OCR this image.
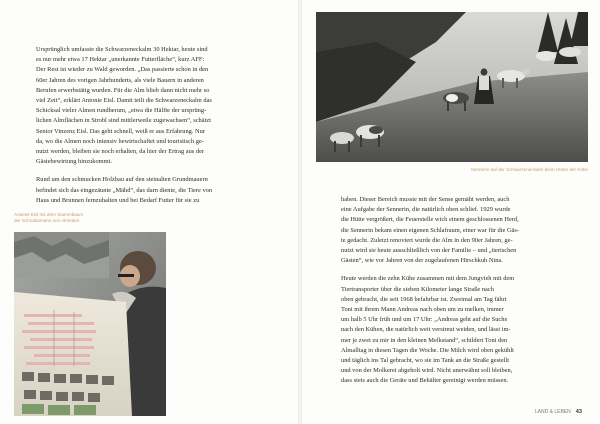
Ursprünglich umfasste die Schwarzeneckalm 30 Hektar, heute sind
es nur mehr etwa 17 Hektar „unerkannte Futterfläche“, kurz AFF:
Der Rest ist wieder zu Wald geworden. „Das passierte schon in den
60er Jahren des vorigen Jahrhunderts, als viele Bauern in anderen
Berufen erwerbstätig wurden. Für die Alm blieb dann nicht mehr so
viel Zeit“, erklärt Antonie Eisl. Damit teilt die Schwarzeneckalm das
Schicksal vieler Almen rundherum, „etwa die Hälfte der ursprüng-
lichen Almflächen in Strobl sind mittlerweile zugewachsen“, schätzt
Senior Vinzenz Eisl. Das geht schnell, weiß er aus Erfahrung. Nur
da, wo die Almen noch intensiv bewirtschaftet und touristisch ge-
nutzt werden, bleiben sie noch erhalten, da hier der Ertrag aus der
Gästebewirtung hinzukommt.

Rund um den schmucken Holzbau auf den steinalten Grundmauern
befindet sich das eingezäunte „Mähd“, das darn diente, die Tiere von
Haus und Brunnen fernzuhalten und bei Bedarf Futter für sie zu

Antonie Eisl mit dem Stammbaum
der Schnabnmann von Almeden

Sennerin auf der Schwarzeneckalm beim Hüten der Kühe

haben. Dieser Bereich musste mit der Sense gemäht werden, auch
eine Aufgabe der Sennerin, die natürlich oben schlief. 1929 wurde
die Hütte vergrößert, die Feuerstelle wich einem geschlossenen Herd,
die Sennerin bekam einen eigenen Schlafraum, einer war für die Gäs-
te gedacht. Zuletzt renoviert wurde die Alm in den 90er Jahren, ge-
nutzt wird sie heute ausschließlich von der Familie – und „tierischen
Gästen“, wie vor Jahren von der zugelaufenen Hirschkuh Nina.

Heute werden die zehn Kühe zusammen mit dem Jungvieh mit dem
Tiertransporter über die sieben Kilometer lange Straße nach
oben gebracht, die seit 1968 befahrbar ist. Zweimal am Tag fährt
Toni mit ihrem Mann Andreas nach oben um zu melken, immer
um halb 5 Uhr früh und um 17 Uhr: „Andreas geht auf die Suche
nach den Kühen, die natürlich weit verstreut weiden, und lässt im-
mer je zwei zu mir in den kleinen Melkstand“, schildert Toni den
Almalltag in diesen Tagen die Woche. Die Milch wird oben gekühlt
und täglich ins Tal gebracht, wo sie im Tank an die Straße gestellt
und von der Molkerei abgeholt wird. Nicht unerwähnt soll bleiben,
dass stets auch die Geräte und Behälter gereinigt werden müssen.

LAND & LEBEN 43
